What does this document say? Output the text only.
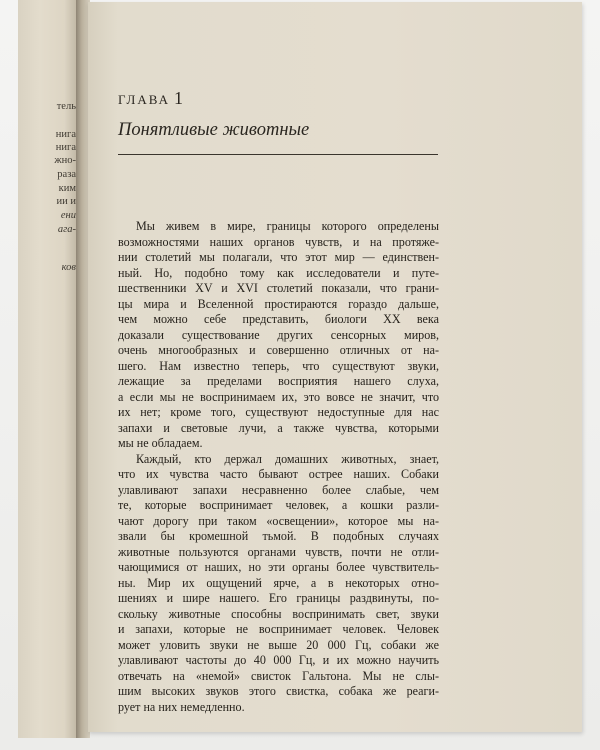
тель
нига
нига
жно-
раза
ким
ии и
ени
ага-
ков
ГЛАВА 1
Понятливые животные
Мы живем в мире, границы которого определены
возможностями наших органов чувств, и на протяже-
нии столетий мы полагали, что этот мир — единствен-
ный. Но, подобно тому как исследователи и путе-
шественники XV и XVI столетий показали, что грани-
цы мира и Вселенной простираются гораздо дальше,
чем можно себе представить, биологи XX века
доказали существование других сенсорных миров,
очень многообразных и совершенно отличных от на-
шего. Нам известно теперь, что существуют звуки,
лежащие за пределами восприятия нашего слуха,
а если мы не воспринимаем их, это вовсе не значит, что
их нет; кроме того, существуют недоступные для нас
запахи и световые лучи, а также чувства, которыми
мы не обладаем.
Каждый, кто держал домашних животных, знает,
что их чувства часто бывают острее наших. Собаки
улавливают запахи несравненно более слабые, чем
те, которые воспринимает человек, а кошки разли-
чают дорогу при таком «освещении», которое мы на-
звали бы кромешной тьмой. В подобных случаях
животные пользуются органами чувств, почти не отли-
чающимися от наших, но эти органы более чувствитель-
ны. Мир их ощущений ярче, а в некоторых отно-
шениях и шире нашего. Его границы раздвинуты, по-
скольку животные способны воспринимать свет, звуки
и запахи, которые не воспринимает человек. Человек
может уловить звуки не выше 20 000 Гц, собаки же
улавливают частоты до 40 000 Гц, и их можно научить
отвечать на «немой» свисток Гальтона. Мы не слы-
шим высоких звуков этого свистка, собака же реаги-
рует на них немедленно.
